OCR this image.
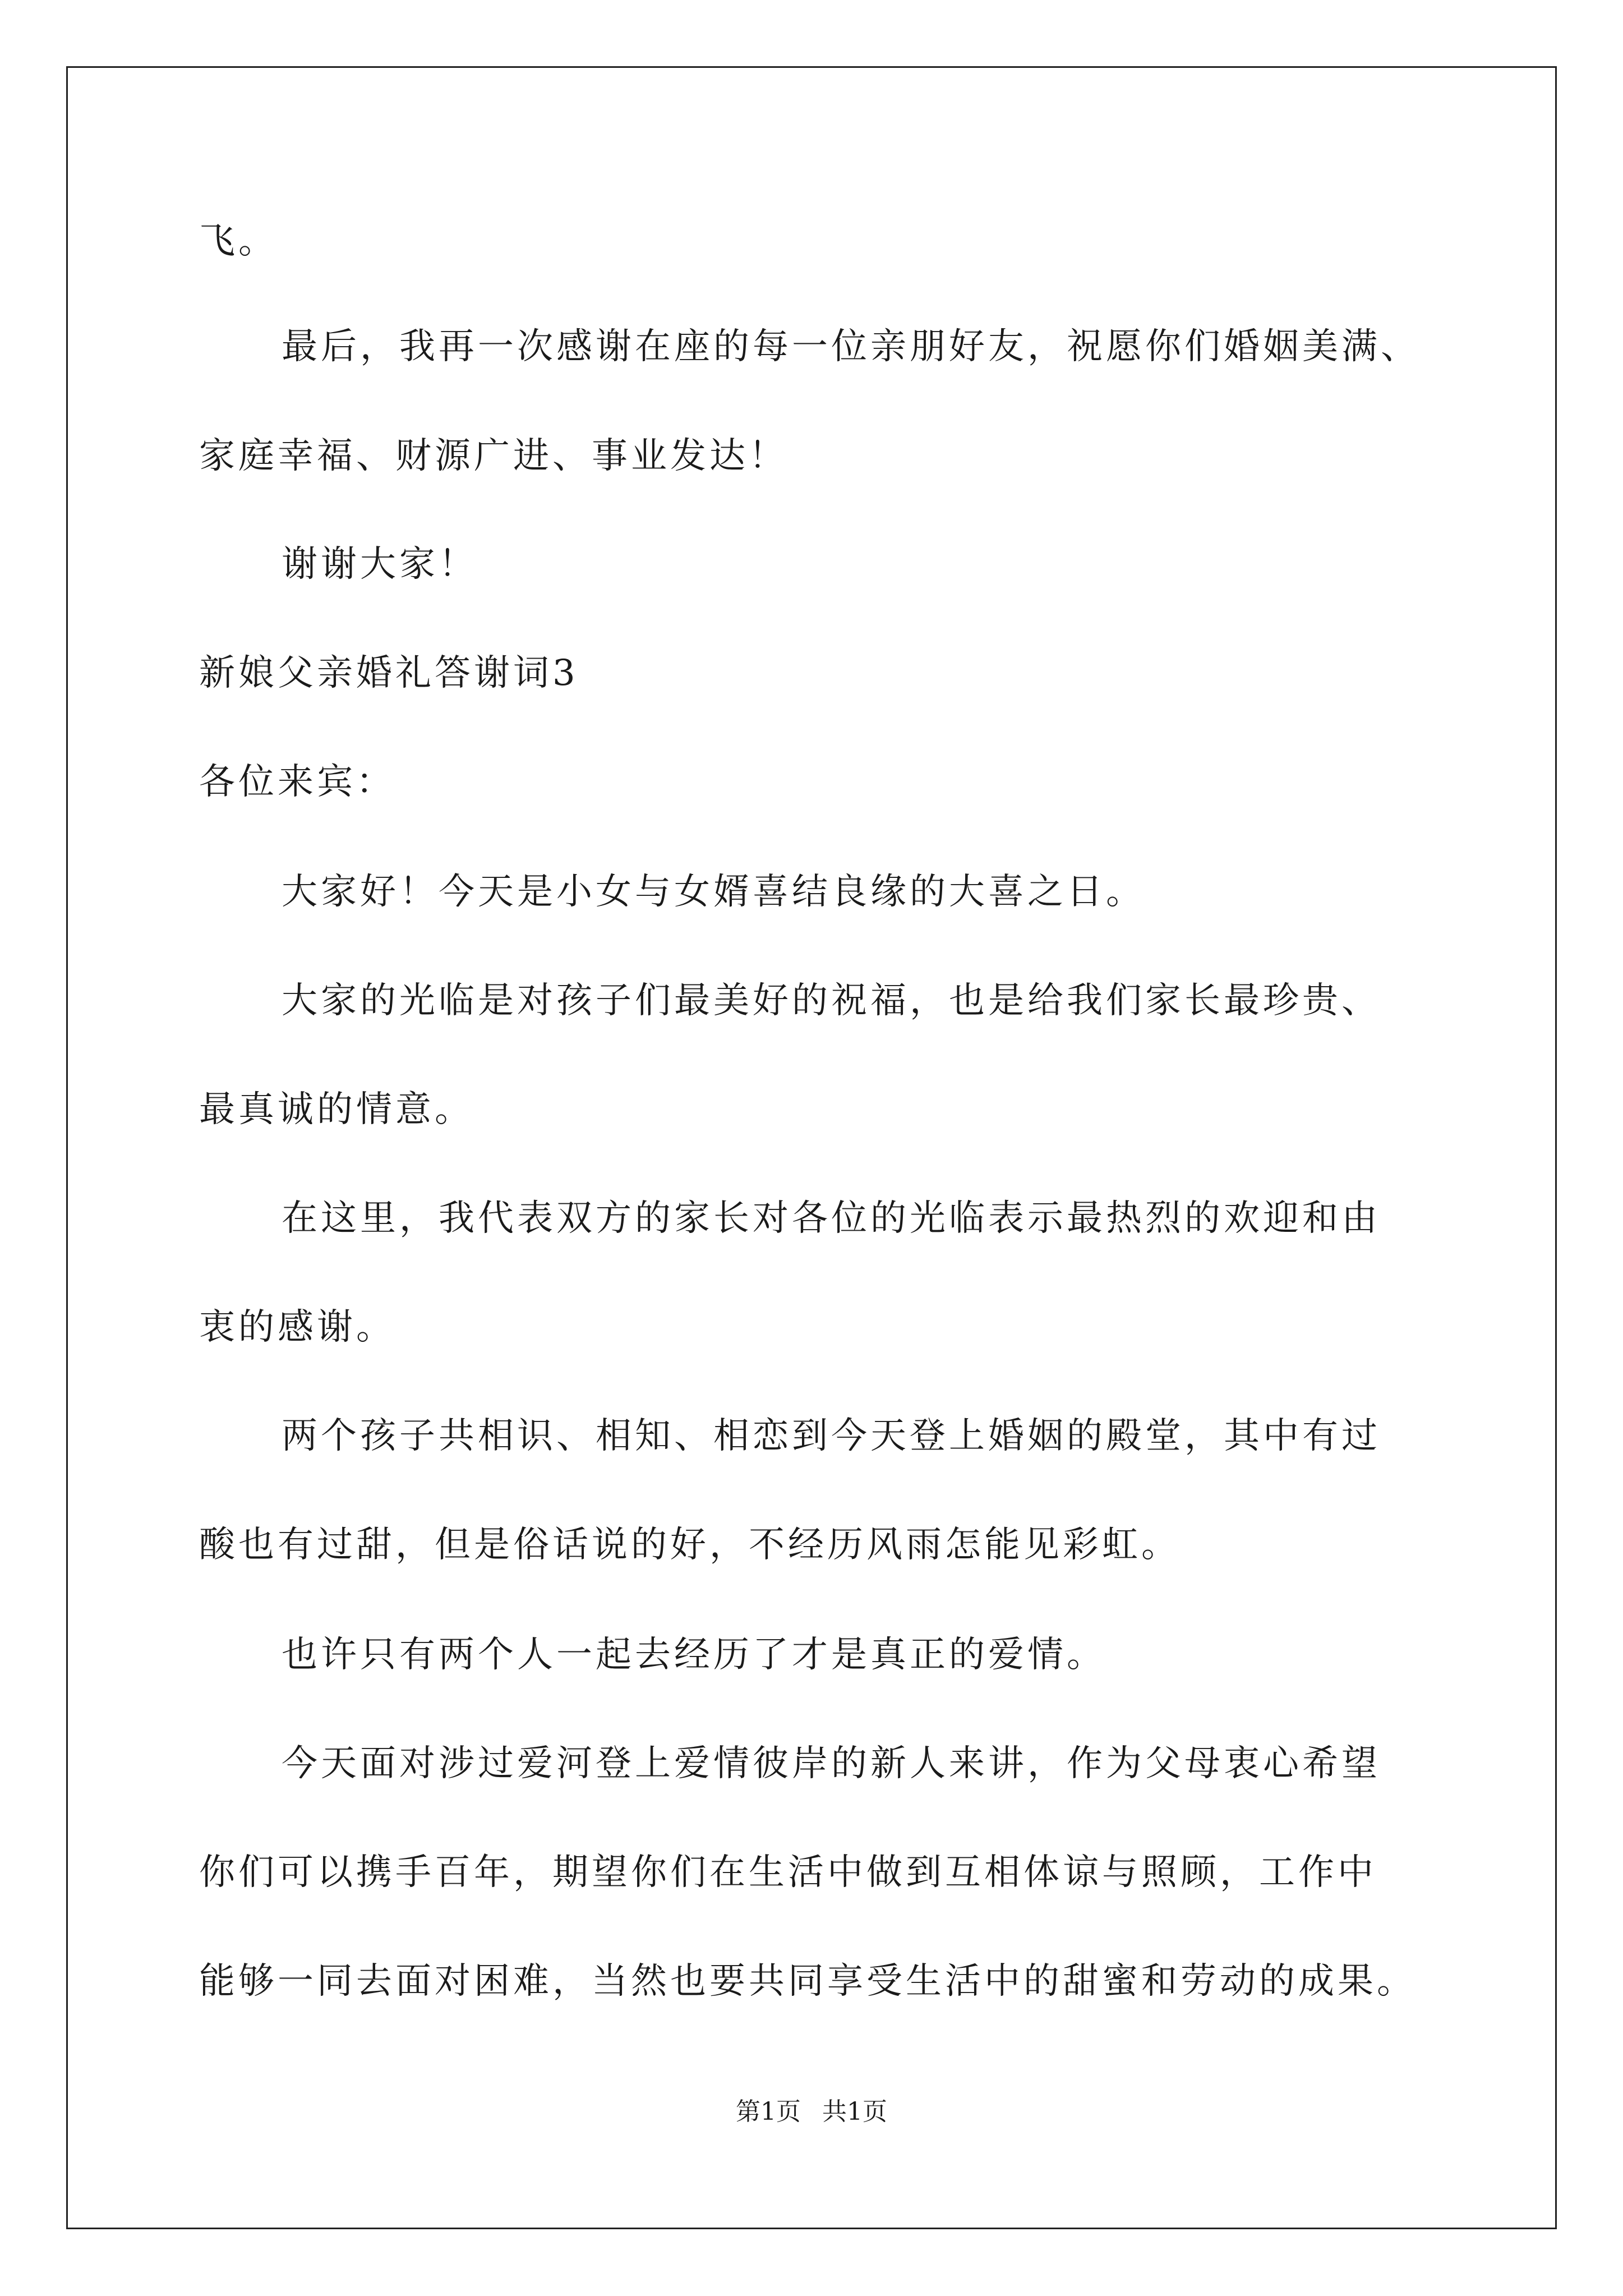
飞。
最后，我再一次感谢在座的每一位亲朋好友，祝愿你们婚姻美满、
家庭幸福、财源广进、事业发达！
谢谢大家！
新娘父亲婚礼答谢词3
各位来宾：
大家好！今天是小女与女婿喜结良缘的大喜之日。
大家的光临是对孩子们最美好的祝福，也是给我们家长最珍贵、
最真诚的情意。
在这里，我代表双方的家长对各位的光临表示最热烈的欢迎和由
衷的感谢。
两个孩子共相识、相知、相恋到今天登上婚姻的殿堂，其中有过
酸也有过甜，但是俗话说的好，不经历风雨怎能见彩虹。
也许只有两个人一起去经历了才是真正的爱情。
今天面对涉过爱河登上爱情彼岸的新人来讲，作为父母衷心希望
你们可以携手百年，期望你们在生活中做到互相体谅与照顾，工作中
能够一同去面对困难，当然也要共同享受生活中的甜蜜和劳动的成果。
第1页 共1页
